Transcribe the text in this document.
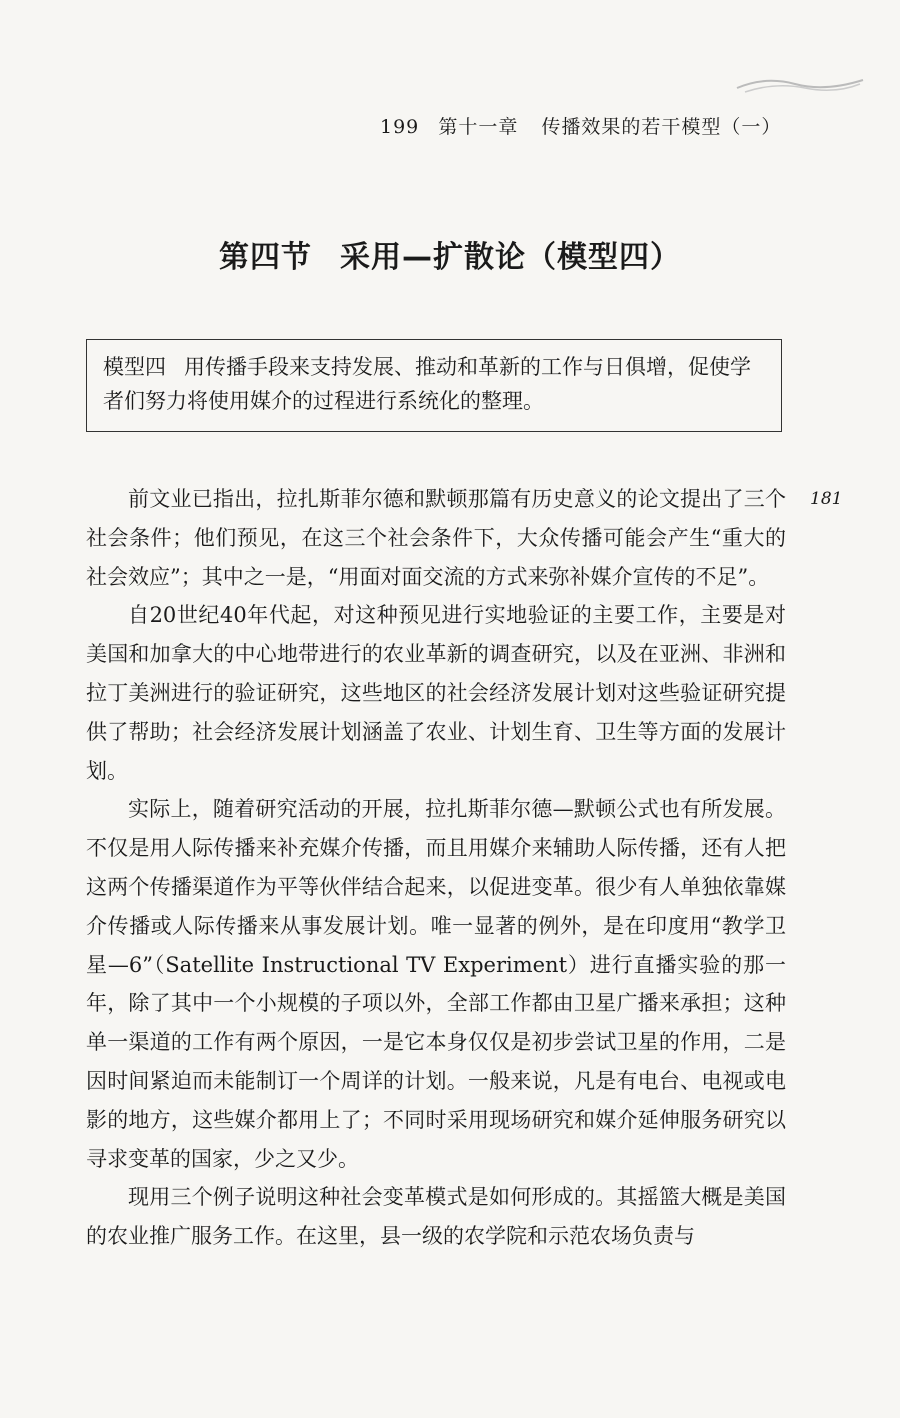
199 第十一章 传播效果的若干模型（一）
第四节 采用—扩散论（模型四）
模型四 用传播手段来支持发展、推动和革新的工作与日俱增，促使学者们努力将使用媒介的过程进行系统化的整理。
181

前文业已指出，拉扎斯菲尔德和默顿那篇有历史意义的论文提出了三个社会条件；他们预见，在这三个社会条件下，大众传播可能会产生“重大的社会效应”；其中之一是，“用面对面交流的方式来弥补媒介宣传的不足”。

自20世纪40年代起，对这种预见进行实地验证的主要工作，主要是对美国和加拿大的中心地带进行的农业革新的调查研究，以及在亚洲、非洲和拉丁美洲进行的验证研究，这些地区的社会经济发展计划对这些验证研究提供了帮助；社会经济发展计划涵盖了农业、计划生育、卫生等方面的发展计划。

实际上，随着研究活动的开展，拉扎斯菲尔德—默顿公式也有所发展。不仅是用人际传播来补充媒介传播，而且用媒介来辅助人际传播，还有人把这两个传播渠道作为平等伙伴结合起来，以促进变革。很少有人单独依靠媒介传播或人际传播来从事发展计划。唯一显著的例外，是在印度用“教学卫星—6”（Satellite Instructional TV Experiment）进行直播实验的那一年，除了其中一个小规模的子项以外，全部工作都由卫星广播来承担；这种单一渠道的工作有两个原因，一是它本身仅仅是初步尝试卫星的作用，二是因时间紧迫而未能制订一个周详的计划。一般来说，凡是有电台、电视或电影的地方，这些媒介都用上了；不同时采用现场研究和媒介延伸服务研究以寻求变革的国家，少之又少。

现用三个例子说明这种社会变革模式是如何形成的。其摇篮大概是美国的农业推广服务工作。在这里，县一级的农学院和示范农场负责与
